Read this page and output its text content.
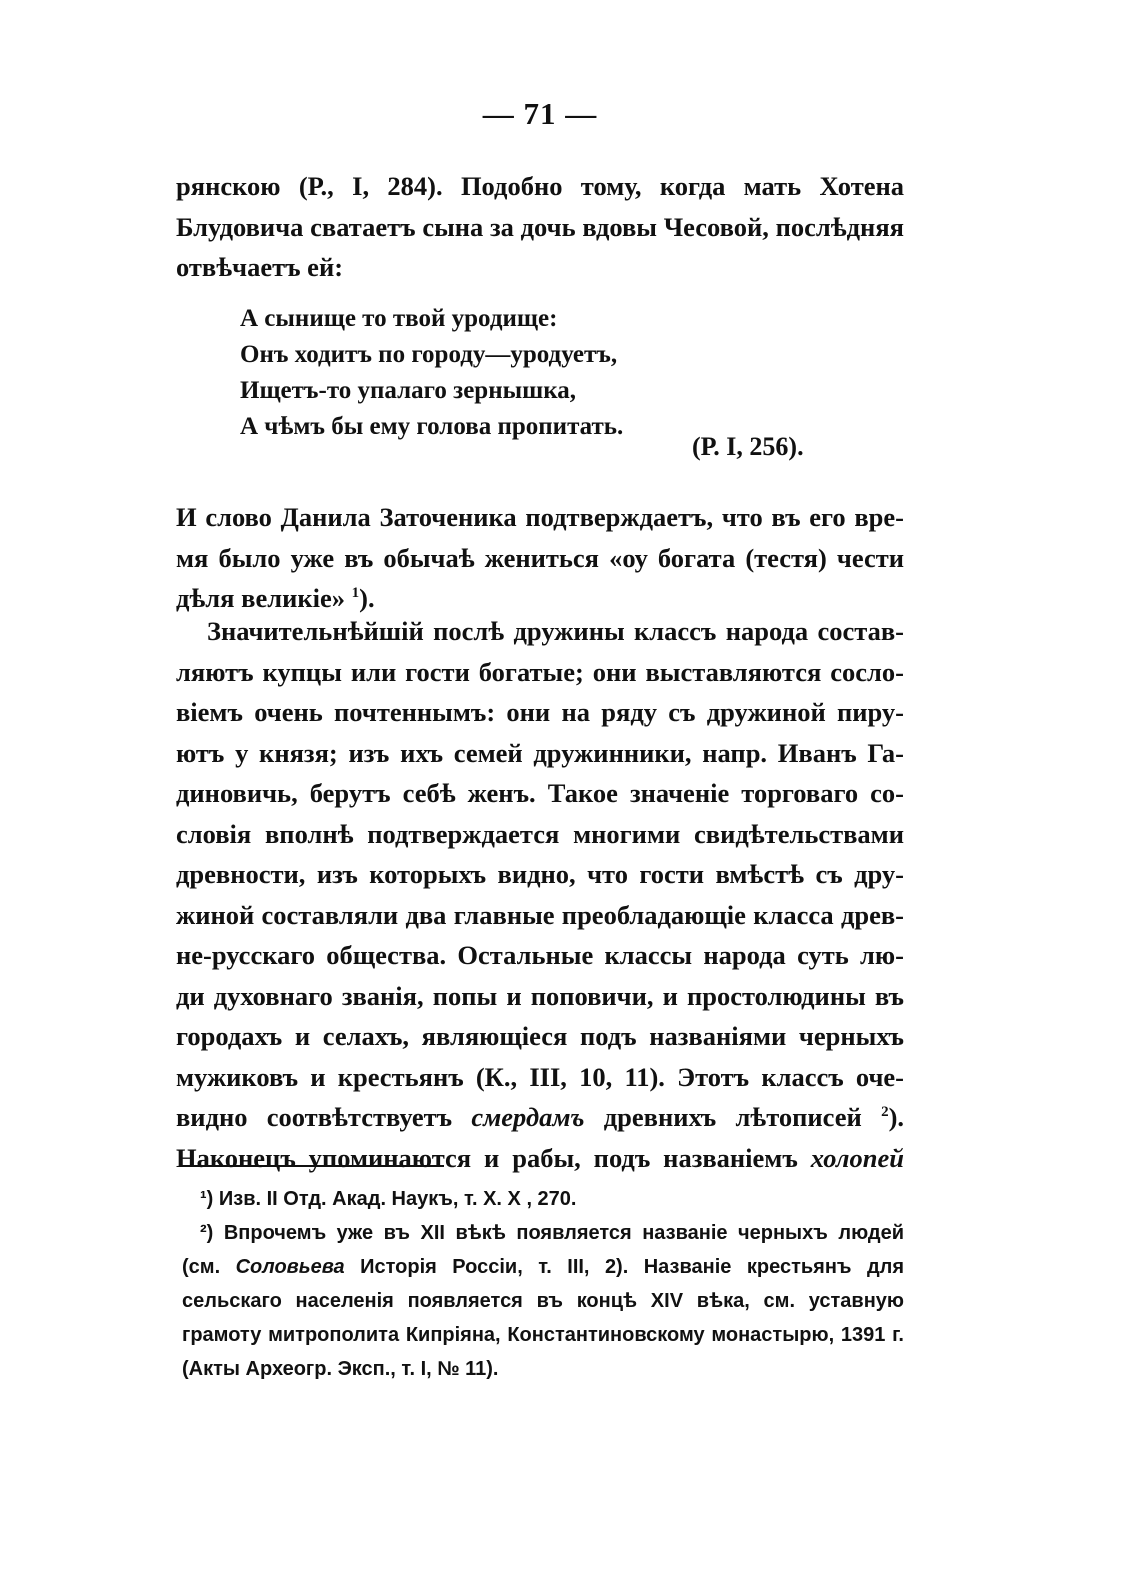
— 71 —
рянскою (Р., I, 284). Подобно тому, когда мать Хотена
Блудовича сватаетъ сына за дочь вдовы Чесовой, послѣдняя
отвѣчаетъ ей:
А сынище то твой уродище:
Онъ ходитъ по городу—уродуетъ,
Ищетъ-то упалаго зернышка,
А чѣмъ бы ему голова пропитать.
(Р. I, 256).
И слово Данила Заточеника подтверждаетъ, что въ его вре-
мя было уже въ обычаѣ жениться «оу богата (тестя) чести
дѣля великіе» $^1$).
Значительнѣйшій послѣ дружины классъ народа состав-
ляютъ купцы или гости богатые; они выставляются сосло-
віемъ очень почтеннымъ: они на ряду съ дружиной пиру-
ютъ у князя; изъ ихъ семей дружинники, напр. Иванъ Га-
диновичь, берутъ себѣ женъ. Такое значеніе торговаго со-
словія вполнѣ подтверждается многими свидѣтельствами
древности, изъ которыхъ видно, что гости вмѣстѣ съ дру-
жиной составляли два главные преобладающіе класса древ-
не-русскаго общества. Остальные классы народа суть лю-
ди духовнаго званія, попы и поповичи, и простолюдины въ
городахъ и селахъ, являющіеся подъ названіями черныхъ
мужиковъ и крестьянъ (К., III, 10, 11). Этотъ классъ оче-
видно соотвѣтствуетъ смердамъ древнихъ лѣтописей $^2$).
Наконецъ упоминаются и рабы, подъ названіемъ холопей
¹) Изв. II Отд. Акад. Наукъ, т. X. X , 270.
²) Впрочемъ уже въ XII вѣкѣ появляется названіе черныхъ людей
(см. Соловьева Исторія Россіи, т. III, 2). Названіе крестьянъ для
сельскаго населенія появляется въ концѣ XIV вѣка, см. уставную
грамоту митрополита Кипріяна, Константиновскому монастырю, 1391 г.
(Акты Археогр. Эксп., т. I, № 11).
